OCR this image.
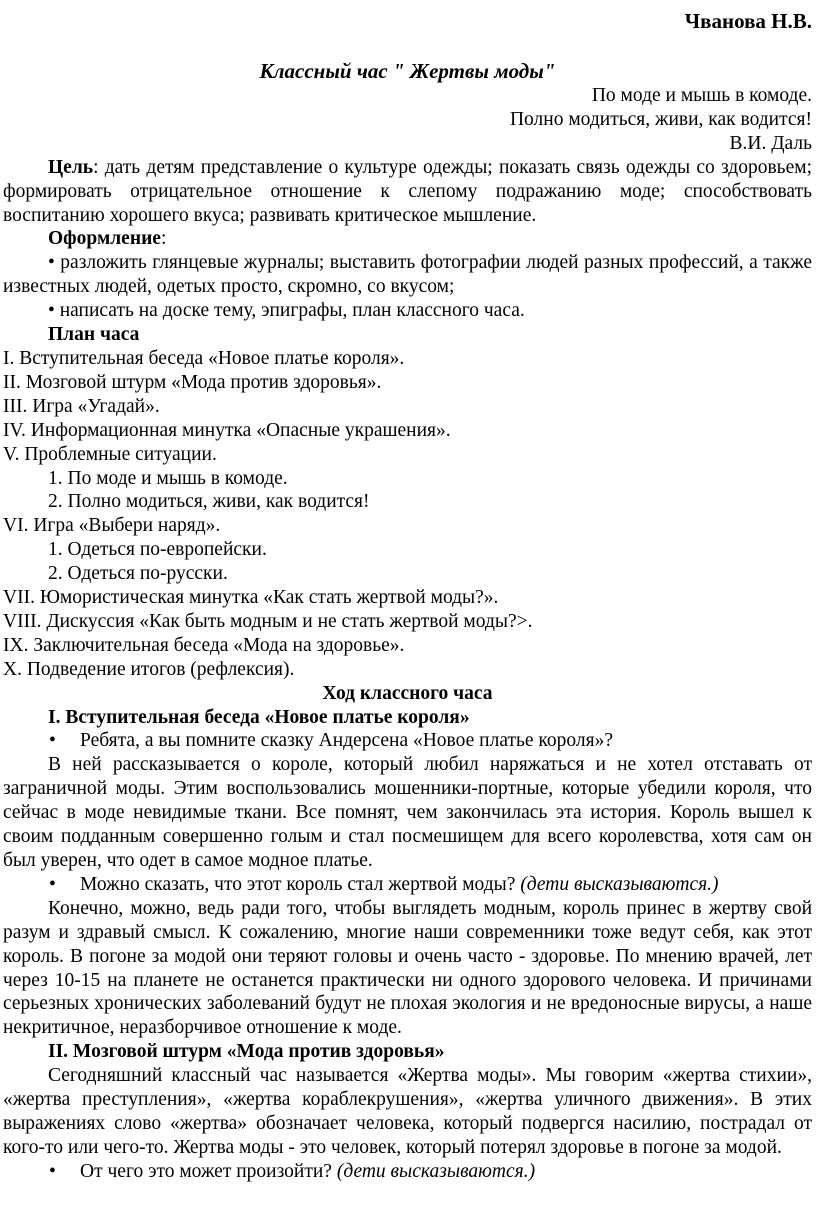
Чванова Н.В.

Классный час " Жертвы моды"

По моде и мышь в комоде.

Полно модиться, живи, как водится!

В.И. Даль

Цель: дать детям представление о культуре одежды; показать связь одежды со здоровьем; формировать отрицательное отношение к слепому подражанию моде; способствовать воспитанию хорошего вкуса; развивать критическое мышление.

Оформление:

• разложить глянцевые журналы; выставить фотографии людей разных профессий, а также известных людей, одетых просто, скромно, со вкусом;

• написать на доске тему, эпиграфы, план классного часа.

План часа

I. Вступительная беседа «Новое платье короля».

II. Мозговой штурм «Мода против здоровья».

III. Игра «Угадай».

IV. Информационная минутка «Опасные украшения».

V. Проблемные ситуации.

1. По моде и мышь в комоде.

2. Полно модиться, живи, как водится!

VI. Игра «Выбери наряд».

1. Одеться по-европейски.

2. Одеться по-русски.

VII. Юмористическая минутка «Как стать жертвой моды?».

VIII. Дискуссия «Как быть модным и не стать жертвой моды?>.

IX. Заключительная беседа «Мода на здоровье».

X. Подведение итогов (рефлексия).

Ход классного часа

I. Вступительная беседа «Новое платье короля»

• Ребята, а вы помните сказку Андерсена «Новое платье короля»?

В ней рассказывается о короле, который любил наряжаться и не хотел отставать от заграничной моды. Этим воспользовались мошенники-портные, которые убедили короля, что сейчас в моде невидимые ткани. Все помнят, чем закончилась эта история. Король вышел к своим подданным совершенно голым и стал посмешищем для всего королевства, хотя сам он был уверен, что одет в самое модное платье.

• Можно сказать, что этот король стал жертвой моды? (дети высказываются.)

Конечно, можно, ведь ради того, чтобы выглядеть модным, король принес в жертву свой разум и здравый смысл. К сожалению, многие наши современники тоже ведут себя, как этот король. В погоне за модой они теряют головы и очень часто - здоровье. По мнению врачей, лет через 10-15 на планете не останется практически ни одного здорового человека. И причинами серьезных хронических заболеваний будут не плохая экология и не вредоносные вирусы, а наше некритичное, неразборчивое отношение к моде.

II. Мозговой штурм «Мода против здоровья»

Сегодняшний классный час называется «Жертва моды». Мы говорим «жертва стихии», «жертва преступления», «жертва кораблекрушения», «жертва уличного движения». В этих выражениях слово «жертва» обозначает человека, который подвергся насилию, пострадал от кого-то или чего-то. Жертва моды - это человек, который потерял здоровье в погоне за модой.

• От чего это может произойти? (дети высказываются.)
